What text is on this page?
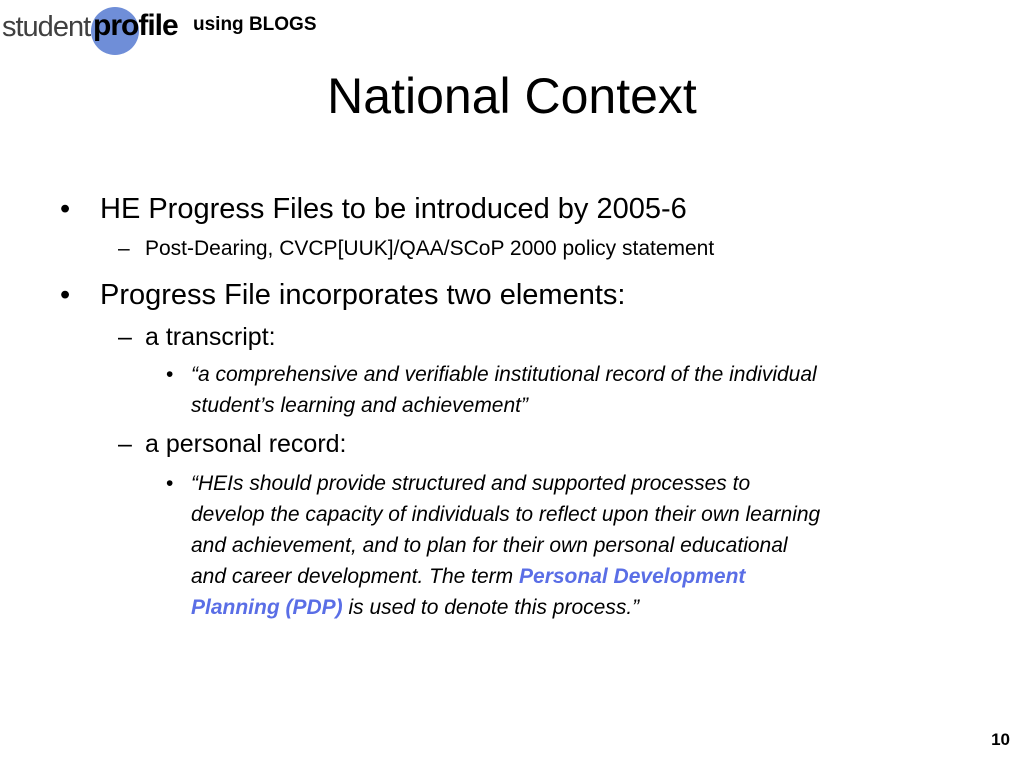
student profile using BLOGS
National Context
• HE Progress Files to be introduced by 2005-6
– Post-Dearing, CVCP[UUK]/QAA/SCoP 2000 policy statement
• Progress File incorporates two elements:
– a transcript:
• “a comprehensive and verifiable institutional record of the individual
student’s learning and achievement”
– a personal record:
• “HEIs should provide structured and supported processes to
develop the capacity of individuals to reflect upon their own learning
and achievement, and to plan for their own personal educational
and career development. The term Personal Development
Planning (PDP) is used to denote this process.”
10
